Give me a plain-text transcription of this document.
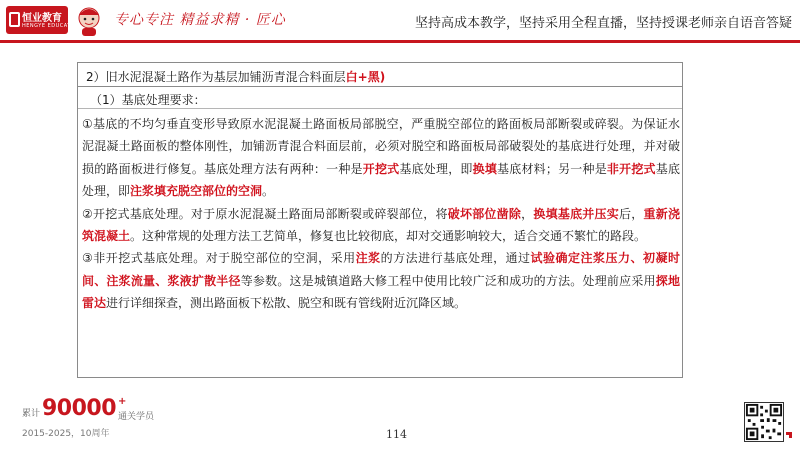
恒业教育
HENGYE EDUCATION 专心专注 精益求精 · 匠心	坚持高成本教学，坚持采用全程直播，坚持授课老师亲自语音答疑
2）旧水泥混凝土路作为基层加铺沥青混合料面层白+黑)
（1）基底处理要求：

①基底的不均匀垂直变形导致原水泥混凝土路面板局部脱空，严重脱空部位的路面板局部断裂或碎裂。为保证水泥混凝土路面板的整体刚性，加铺沥青混合料面层前，必须对脱空和路面板局部破裂处的基底进行处理，并对破损的路面板进行修复。基底处理方法有两种：一种是开挖式基底处理，即换填基底材料；另一种是非开挖式基底处理，即注浆填充脱空部位的空洞。

②开挖式基底处理。对于原水泥混凝土路面局部断裂或碎裂部位，将破坏部位凿除，换填基底并压实后，重新浇筑混凝土。这种常规的处理方法工艺简单，修复也比较彻底，却对交通影响较大，适合交通不繁忙的路段。

③非开挖式基底处理。对于脱空部位的空洞，采用注浆的方法进行基底处理，通过试验确定注浆压力、初凝时间、注浆流量、浆液扩散半径等参数。这是城镇道路大修工程中使用比较广泛和成功的方法。处理前应采用探地雷达进行详细探查，测出路面板下松散、脱空和既有管线附近沉降区域。

累计 90000 +
通关学员
2015-2025，10周年	114
